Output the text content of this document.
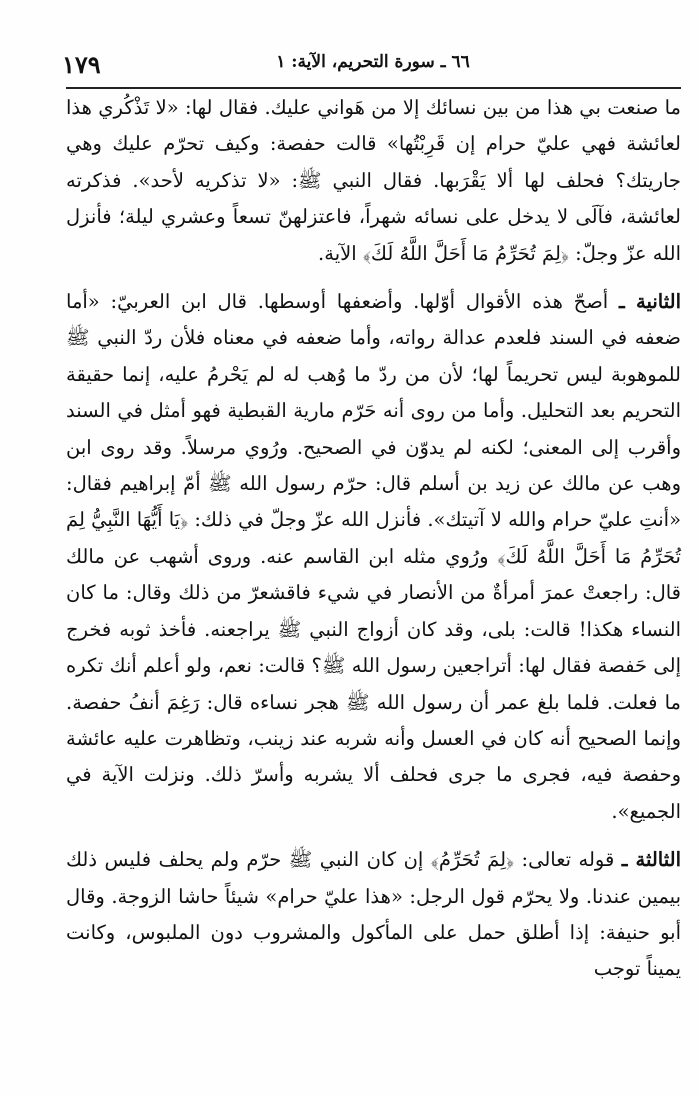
١٧٩	٦٦ ـ سورة التحريم، الآية: ١

ما صنعت بي هذا من بين نسائك إلا من هَواني عليك. فقال لها: «لا تَذْكُري هذا لعائشة فهي عليّ حرام إن قَرِبْتُها» قالت حفصة: وكيف تحرّم عليك وهي جاريتك؟ فحلف لها ألا يَقْرَبها. فقال النبي ﷺ: «لا تذكريه لأحد». فذكرته لعائشة، فآلَى لا يدخل على نسائه شهراً، فاعتزلهنّ تسعاً وعشري ليلة؛ فأنزل الله عزّ وجلّ: ﴿لِمَ تُحَرِّمُ مَا أَحَلَّ اللَّهُ لَكَ﴾ الآية.

الثانية ـ أصحّ هذه الأقوال أوّلها. وأضعفها أوسطها. قال ابن العربيّ: «أما ضعفه في السند فلعدم عدالة رواته، وأما ضعفه في معناه فلأن ردّ النبي ﷺ للموهوبة ليس تحريماً لها؛ لأن من ردّ ما وُهب له لم يَحْرمُ عليه، إنما حقيقة التحريم بعد التحليل. وأما من روى أنه حَرّم مارية القبطية فهو أمثل في السند وأقرب إلى المعنى؛ لكنه لم يدوّن في الصحيح. ورُوي مرسلاً. وقد روى ابن وهب عن مالك عن زيد بن أسلم قال: حرّم رسول الله ﷺ أمّ إبراهيم فقال: «أنتِ عليّ حرام والله لا آتيتك». فأنزل الله عزّ وجلّ في ذلك: ﴿يَا أَيُّهَا النَّبِيُّ لِمَ تُحَرِّمُ مَا أَحَلَّ اللَّهُ لَكَ﴾ ورُوي مثله ابن القاسم عنه. وروى أشهب عن مالك قال: راجعتْ عمرَ أمرأةٌ من الأنصار في شيء فاقشعرّ من ذلك وقال: ما كان النساء هكذا! قالت: بلى، وقد كان أزواج النبي ﷺ يراجعنه. فأخذ ثوبه فخرج إلى حَفصة فقال لها: أتراجعين رسول الله ﷺ؟ قالت: نعم، ولو أعلم أنك تكره ما فعلت. فلما بلغ عمر أن رسول الله ﷺ هجر نساءه قال: رَغِمَ أنفُ حفصة. وإنما الصحيح أنه كان في العسل وأنه شربه عند زينب، وتظاهرت عليه عائشة وحفصة فيه، فجرى ما جرى فحلف ألا يشربه وأسرّ ذلك. ونزلت الآية في الجميع».

الثالثة ـ قوله تعالى: ﴿لِمَ تُحَرِّمُ﴾ إن كان النبي ﷺ حرّم ولم يحلف فليس ذلك بيمين عندنا. ولا يحرّم قول الرجل: «هذا عليّ حرام» شيئاً حاشا الزوجة. وقال أبو حنيفة: إذا أطلق حمل على المأكول والمشروب دون الملبوس، وكانت يميناً توجب
